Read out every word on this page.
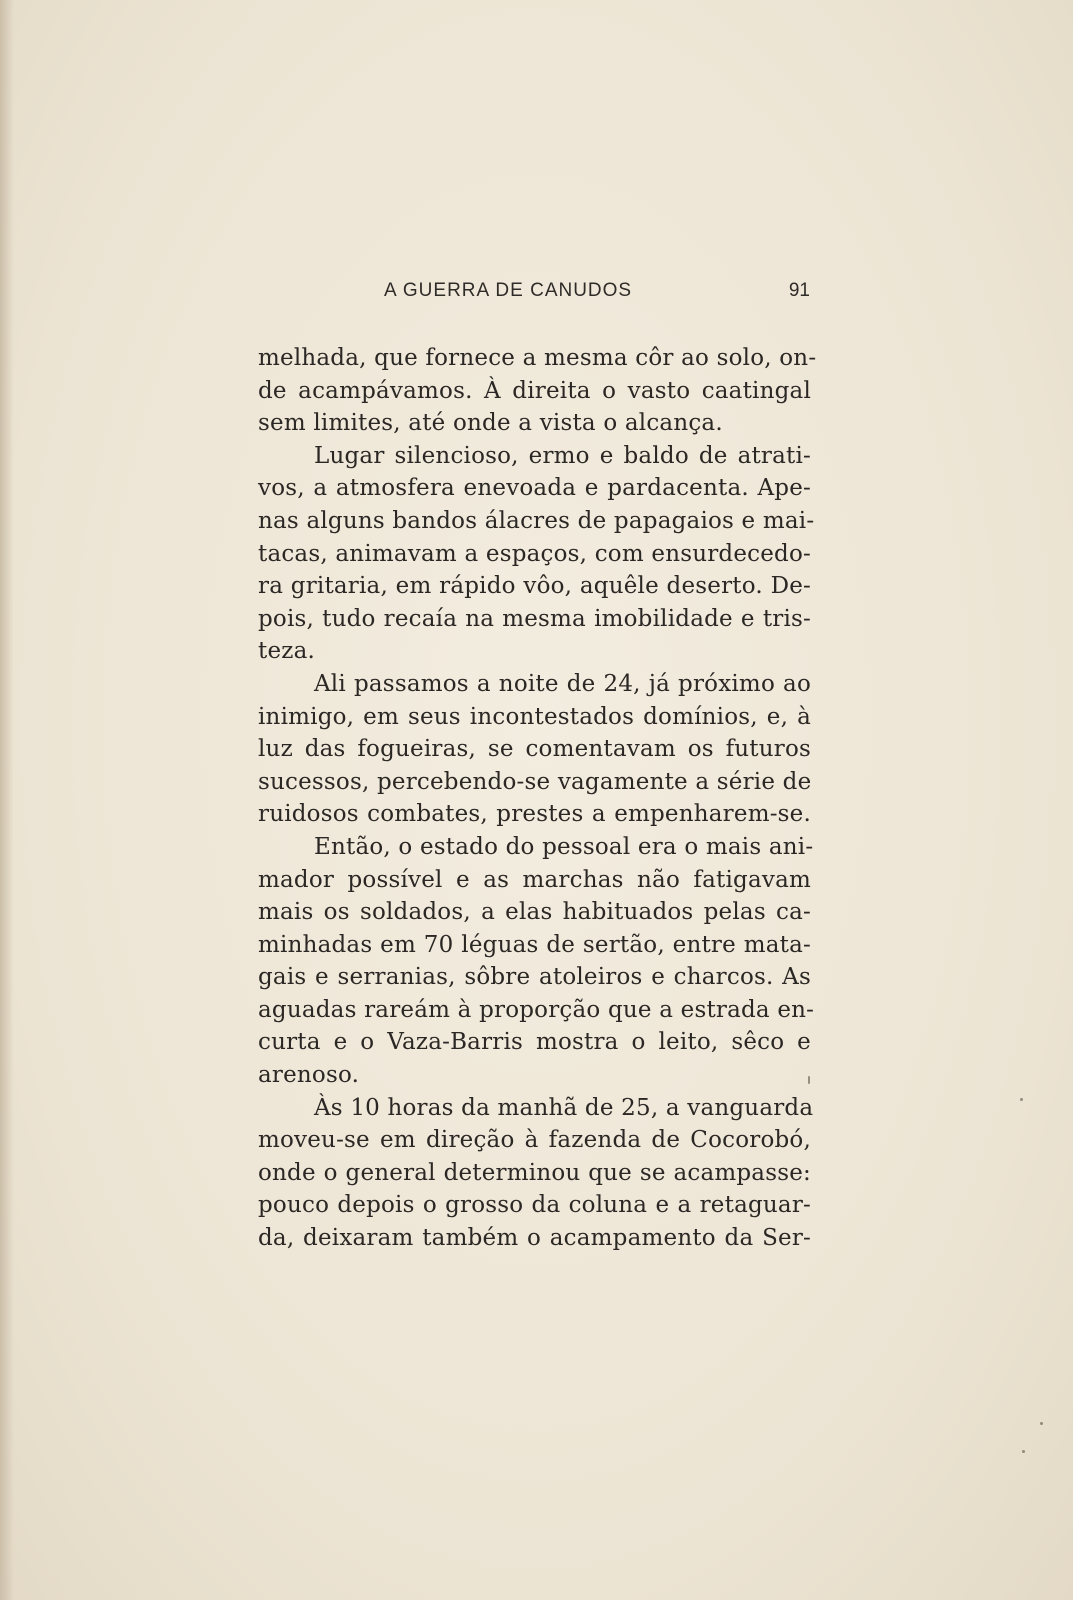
A GUERRA DE CANUDOS	91
melhada, que fornece a mesma côr ao solo, on-
de acampávamos. À direita o vasto caatingal
sem limites, até onde a vista o alcança.
Lugar silencioso, ermo e baldo de atrati-
vos, a atmosfera enevoada e pardacenta. Ape-
nas alguns bandos álacres de papagaios e mai-
tacas, animavam a espaços, com ensurdecedo-
ra gritaria, em rápido vôo, aquêle deserto. De-
pois, tudo recaía na mesma imobilidade e tris-
teza.
Ali passamos a noite de 24, já próximo ao
inimigo, em seus incontestados domínios, e, à
luz das fogueiras, se comentavam os futuros
sucessos, percebendo-se vagamente a série de
ruidosos combates, prestes a empenharem-se.
Então, o estado do pessoal era o mais ani-
mador possível e as marchas não fatigavam
mais os soldados, a elas habituados pelas ca-
minhadas em 70 léguas de sertão, entre mata-
gais e serranias, sôbre atoleiros e charcos. As
aguadas rareám à proporção que a estrada en-
curta e o Vaza-Barris mostra o leito, sêco e
arenoso.
Às 10 horas da manhã de 25, a vanguarda
moveu-se em direção à fazenda de Cocorobó,
onde o general determinou que se acampasse:
pouco depois o grosso da coluna e a retaguar-
da, deixaram também o acampamento da Ser-
